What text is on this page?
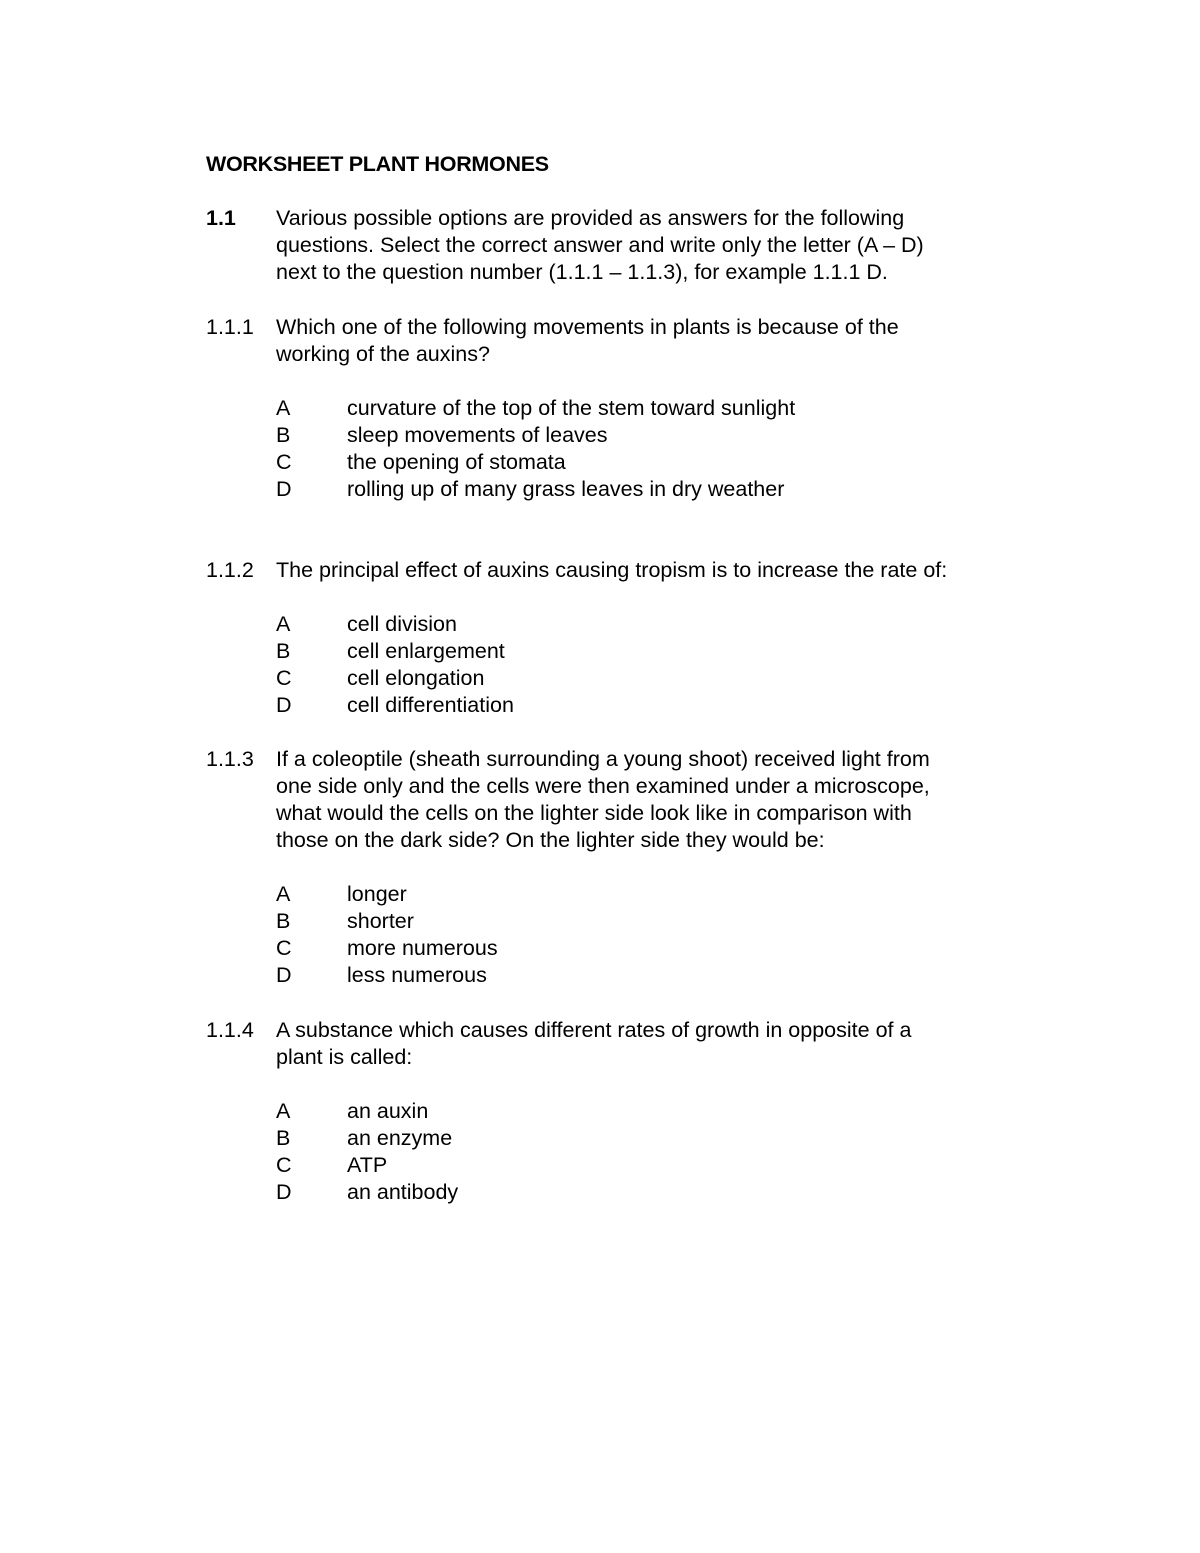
WORKSHEET PLANT HORMONES
1.1	Various possible options are provided as answers for the following
questions. Select the correct answer and write only the letter (A – D)
next to the question number (1.1.1 – 1.1.3), for example 1.1.1 D.
1.1.1	Which one of the following movements in plants is because of the
working of the auxins?
A	curvature of the top of the stem toward sunlight
B	sleep movements of leaves
C	the opening of stomata
D	rolling up of many grass leaves in dry weather
1.1.2	The principal effect of auxins causing tropism is to increase the rate of:
A	cell division
B	cell enlargement
C	cell elongation
D	cell differentiation
1.1.3	If a coleoptile (sheath surrounding a young shoot) received light from
one side only and the cells were then examined under a microscope,
what would the cells on the lighter side look like in comparison with
those on the dark side? On the lighter side they would be:
A	longer
B	shorter
C	more numerous
D	less numerous
1.1.4	A substance which causes different rates of growth in opposite of a
plant is called:
A	an auxin
B	an enzyme
C	ATP
D	an antibody
